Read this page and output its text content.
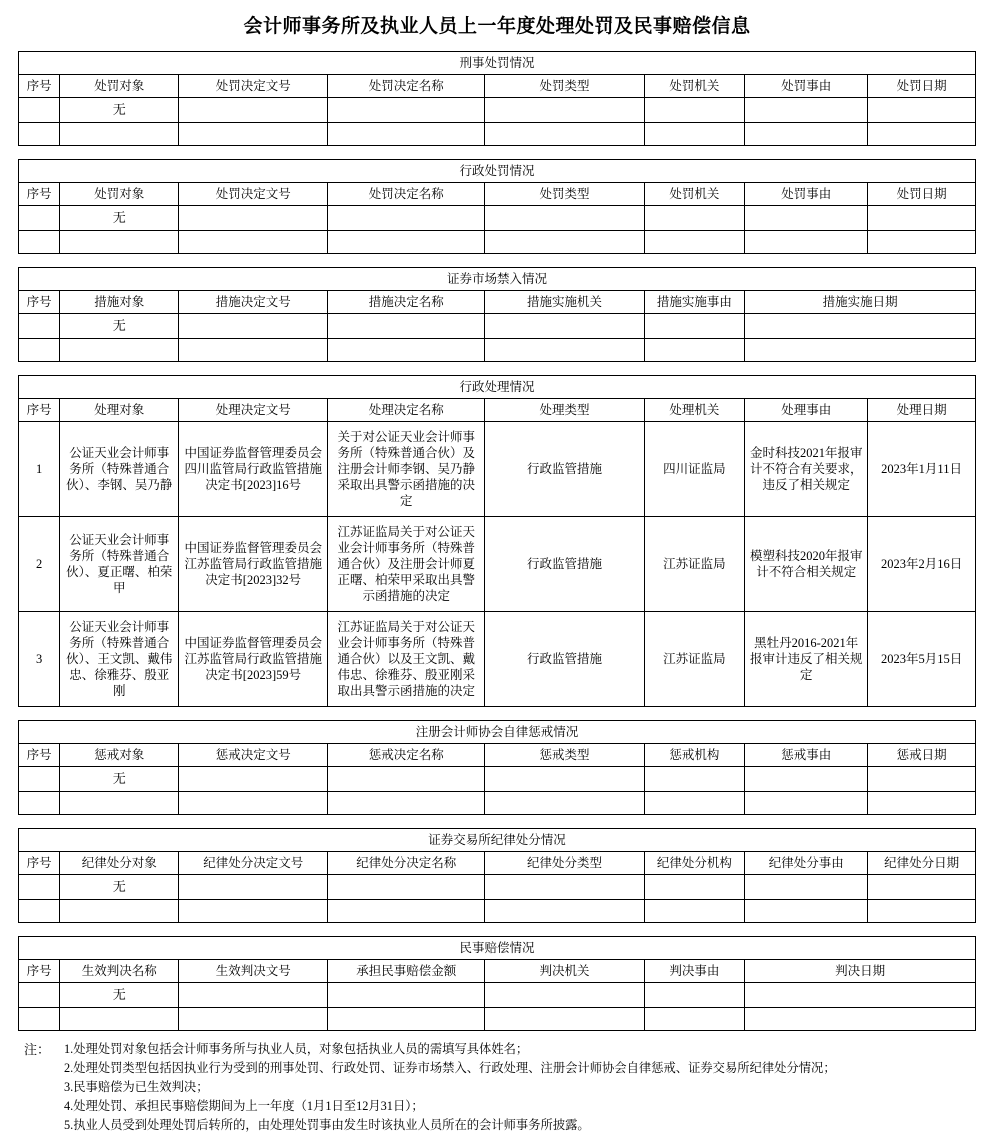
会计师事务所及执业人员上一年度处理处罚及民事赔偿信息
刑事处罚情况							
序号	处罚对象	处罚决定文号	处罚决定名称	处罚类型	处罚机关	处罚事由	处罚日期
	无						

行政处罚情况							
序号	处罚对象	处罚决定文号	处罚决定名称	处罚类型	处罚机关	处罚事由	处罚日期
	无						

证券市场禁入情况							
序号	措施对象	措施决定文号	措施决定名称	措施实施机关	措施实施事由	措施实施日期	
	无						

行政处理情况							
序号	处理对象	处理决定文号	处理决定名称	处理类型	处理机关	处理事由	处理日期
1	公证天业会计师事务所（特殊普通合伙）、李钢、吴乃静	中国证券监督管理委员会四川监管局行政监管措施决定书[2023]16号	关于对公证天业会计师事务所（特殊普通合伙）及注册会计师李钢、吴乃静采取出具警示函措施的决定	行政监管措施	四川证监局	金时科技2021年报审计不符合有关要求，违反了相关规定	2023年1月11日
2	公证天业会计师事务所（特殊普通合伙）、夏正曙、柏荣甲	中国证券监督管理委员会江苏监管局行政监管措施决定书[2023]32号	江苏证监局关于对公证天业会计师事务所（特殊普通合伙）及注册会计师夏正曙、柏荣甲采取出具警示函措施的决定	行政监管措施	江苏证监局	模塑科技2020年报审计不符合相关规定	2023年2月16日
3	公证天业会计师事务所（特殊普通合伙）、王文凯、戴伟忠、徐雅芬、殷亚刚	中国证券监督管理委员会江苏监管局行政监管措施决定书[2023]59号	江苏证监局关于对公证天业会计师事务所（特殊普通合伙）以及王文凯、戴伟忠、徐雅芬、殷亚刚采取出具警示函措施的决定	行政监管措施	江苏证监局	黑牡丹2016-2021年报审计违反了相关规定	2023年5月15日

注册会计师协会自律惩戒情况							
序号	惩戒对象	惩戒决定文号	惩戒决定名称	惩戒类型	惩戒机构	惩戒事由	惩戒日期
	无						

证券交易所纪律处分情况							
序号	纪律处分对象	纪律处分决定文号	纪律处分决定名称	纪律处分类型	纪律处分机构	纪律处分事由	纪律处分日期
	无						

民事赔偿情况							
序号	生效判决名称	生效判决文号	承担民事赔偿金额	判决机关	判决事由	判决日期	
	无						

注：	1.处理处罚对象包括会计师事务所与执业人员，对象包括执业人员的需填写具体姓名；
2.处理处罚类型包括因执业行为受到的刑事处罚、行政处罚、证券市场禁入、行政处理、注册会计师协会自律惩戒、证券交易所纪律处分情况；
3.民事赔偿为已生效判决；
4.处理处罚、承担民事赔偿期间为上一年度（1月1日至12月31日）；
5.执业人员受到处理处罚后转所的，由处理处罚事由发生时该执业人员所在的会计师事务所披露。
